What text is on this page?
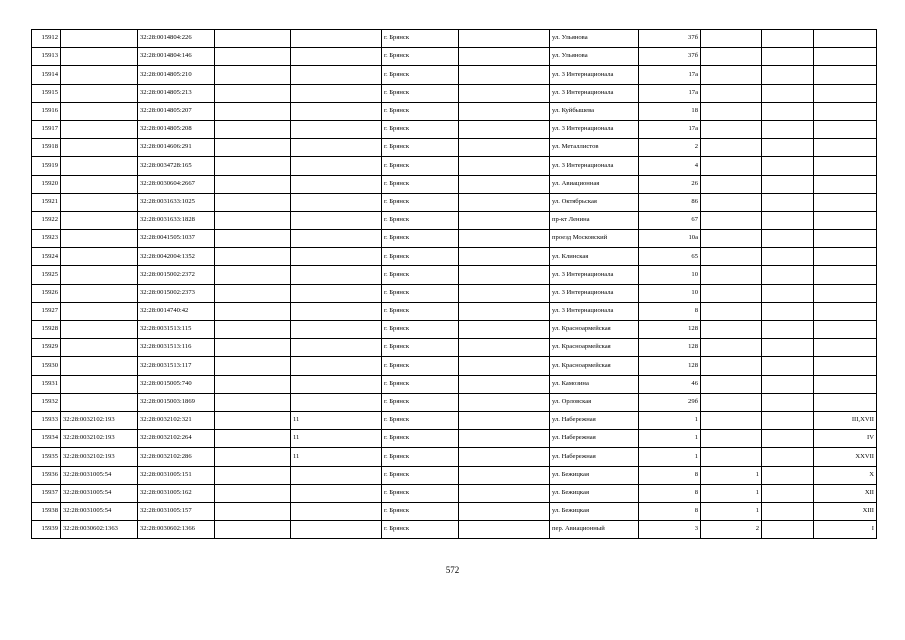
15912		32:28:0014804:226			г. Брянск		ул. Ульянова	37б			
15913		32:28:0014804:146			г. Брянск		ул. Ульянова	37б			
15914		32:28:0014805:210			г. Брянск		ул. 3 Интернационала	17а			
15915		32:28:0014805:213			г. Брянск		ул. 3 Интернационала	17а			
15916		32:28:0014805:207			г. Брянск		ул. Куйбышева	18			
15917		32:28:0014805:208			г. Брянск		ул. 3 Интернационала	17а			
15918		32:28:0014606:291			г. Брянск		ул. Металлистов	2			
15919		32:28:0034728:165			г. Брянск		ул. 3 Интернационала	4			
15920		32:28:0030604:2667			г. Брянск		ул. Авиационная	26			
15921		32:28:0031633:1025			г. Брянск		ул. Октябрьская	86			
15922		32:28:0031633:1828			г. Брянск		пр-кт Ленина	67			
15923		32:28:0041505:1037			г. Брянск		проезд Московский	10а			
15924		32:28:0042004:1352			г. Брянск		ул. Клинская	65			
15925		32:28:0015002:2372			г. Брянск		ул. 3 Интернационала	10			
15926		32:28:0015002:2373			г. Брянск		ул. 3 Интернационала	10			
15927		32:28:0014740:42			г. Брянск		ул. 3 Интернационала	8			
15928		32:28:0031513:115			г. Брянск		ул. Красноармейская	128			
15929		32:28:0031513:116			г. Брянск		ул. Красноармейская	128			
15930		32:28:0031513:117			г. Брянск		ул. Красноармейская	128			
15931		32:28:0015005:740			г. Брянск		ул. Камозина	46			
15932		32:28:0015003:1869			г. Брянск		ул. Орловская	29б			
15933	32:28:0032102:193	32:28:0032102:321		11	г. Брянск		ул. Набережная	1			III,XVII
15934	32:28:0032102:193	32:28:0032102:264		11	г. Брянск		ул. Набережная	1			IV
15935	32:28:0032102:193	32:28:0032102:286		11	г. Брянск		ул. Набережная	1			XXVII
15936	32:28:0031005:54	32:28:0031005:151			г. Брянск		ул. Бежицкая	8	1		X
15937	32:28:0031005:54	32:28:0031005:162			г. Брянск		ул. Бежицкая	8	1		XII
15938	32:28:0031005:54	32:28:0031005:157			г. Брянск		ул. Бежицкая	8	1		XIII
15939	32:28:0030602:1363	32:28:0030602:1366			г. Брянск		пер. Авиационный	3	2		I
572
